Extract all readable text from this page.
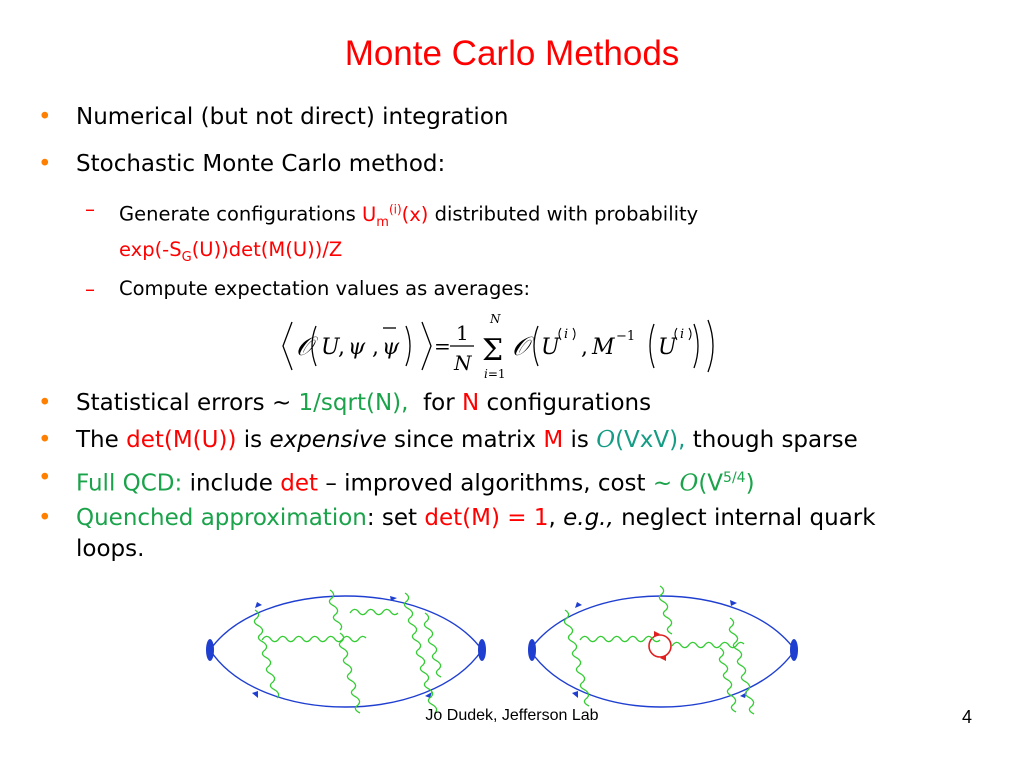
Monte Carlo Methods
• Numerical (but not direct) integration
• Stochastic Monte Carlo method:
– Generate configurations $U_m^{(i)}(x)$ distributed with probability
$\exp(-S_G(U))\det(M(U))/Z$
– Compute expectation values as averages:
𝒪 U
, ψ , ψ =
1
N Σ
N
i=1
𝒪 U
i
, M −1 U
i
• Statistical errors ~ 1/sqrt(N), for N configurations
• The det(M(U)) is expensive since matrix M is O(VxV), though sparse
• Full QCD: include det – improved algorithms, cost ~ $O(V^{5/4})$
• Quenched approximation: set det(M) = 1, e.g., neglect internal quark
loops.
Jo Dudek, Jefferson Lab	4
